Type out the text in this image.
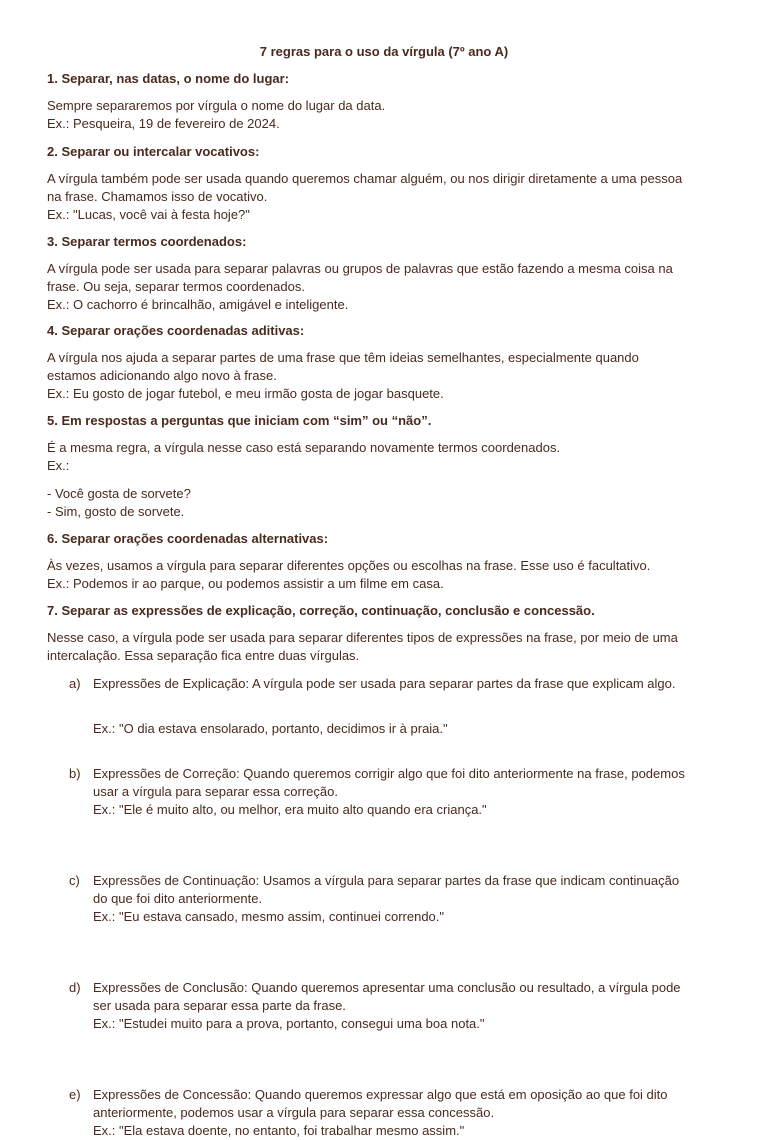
7 regras para o uso da vírgula (7º ano A)
1. Separar, nas datas, o nome do lugar:
Sempre separaremos por vírgula o nome do lugar da data.
Ex.: Pesqueira, 19 de fevereiro de 2024.
2. Separar ou intercalar vocativos:
A vírgula também pode ser usada quando queremos chamar alguém, ou nos dirigir diretamente a uma pessoa
na frase. Chamamos isso de vocativo.
Ex.: "Lucas, você vai à festa hoje?"
3. Separar termos coordenados:
A vírgula pode ser usada para separar palavras ou grupos de palavras que estão fazendo a mesma coisa na
frase. Ou seja, separar termos coordenados.
Ex.: O cachorro é brincalhão, amigável e inteligente.
4. Separar orações coordenadas aditivas:
A vírgula nos ajuda a separar partes de uma frase que têm ideias semelhantes, especialmente quando
estamos adicionando algo novo à frase.
Ex.: Eu gosto de jogar futebol, e meu irmão gosta de jogar basquete.
5. Em respostas a perguntas que iniciam com “sim” ou “não”.
É a mesma regra, a vírgula nesse caso está separando novamente termos coordenados.
Ex.:
- Você gosta de sorvete?
- Sim, gosto de sorvete.
6. Separar orações coordenadas alternativas:
Às vezes, usamos a vírgula para separar diferentes opções ou escolhas na frase. Esse uso é facultativo.
Ex.: Podemos ir ao parque, ou podemos assistir a um filme em casa.
7. Separar as expressões de explicação, correção, continuação, conclusão e concessão.
Nesse caso, a vírgula pode ser usada para separar diferentes tipos de expressões na frase, por meio de uma
intercalação. Essa separação fica entre duas vírgulas.
a) Expressões de Explicação: A vírgula pode ser usada para separar partes da frase que explicam algo.
Ex.: "O dia estava ensolarado, portanto, decidimos ir à praia."
b) Expressões de Correção: Quando queremos corrigir algo que foi dito anteriormente na frase, podemos
usar a vírgula para separar essa correção.
Ex.: "Ele é muito alto, ou melhor, era muito alto quando era criança."
c) Expressões de Continuação: Usamos a vírgula para separar partes da frase que indicam continuação
do que foi dito anteriormente.
Ex.: "Eu estava cansado, mesmo assim, continuei correndo."
d) Expressões de Conclusão: Quando queremos apresentar uma conclusão ou resultado, a vírgula pode
ser usada para separar essa parte da frase.
Ex.: "Estudei muito para a prova, portanto, consegui uma boa nota."
e) Expressões de Concessão: Quando queremos expressar algo que está em oposição ao que foi dito
anteriormente, podemos usar a vírgula para separar essa concessão.
Ex.: "Ela estava doente, no entanto, foi trabalhar mesmo assim."
